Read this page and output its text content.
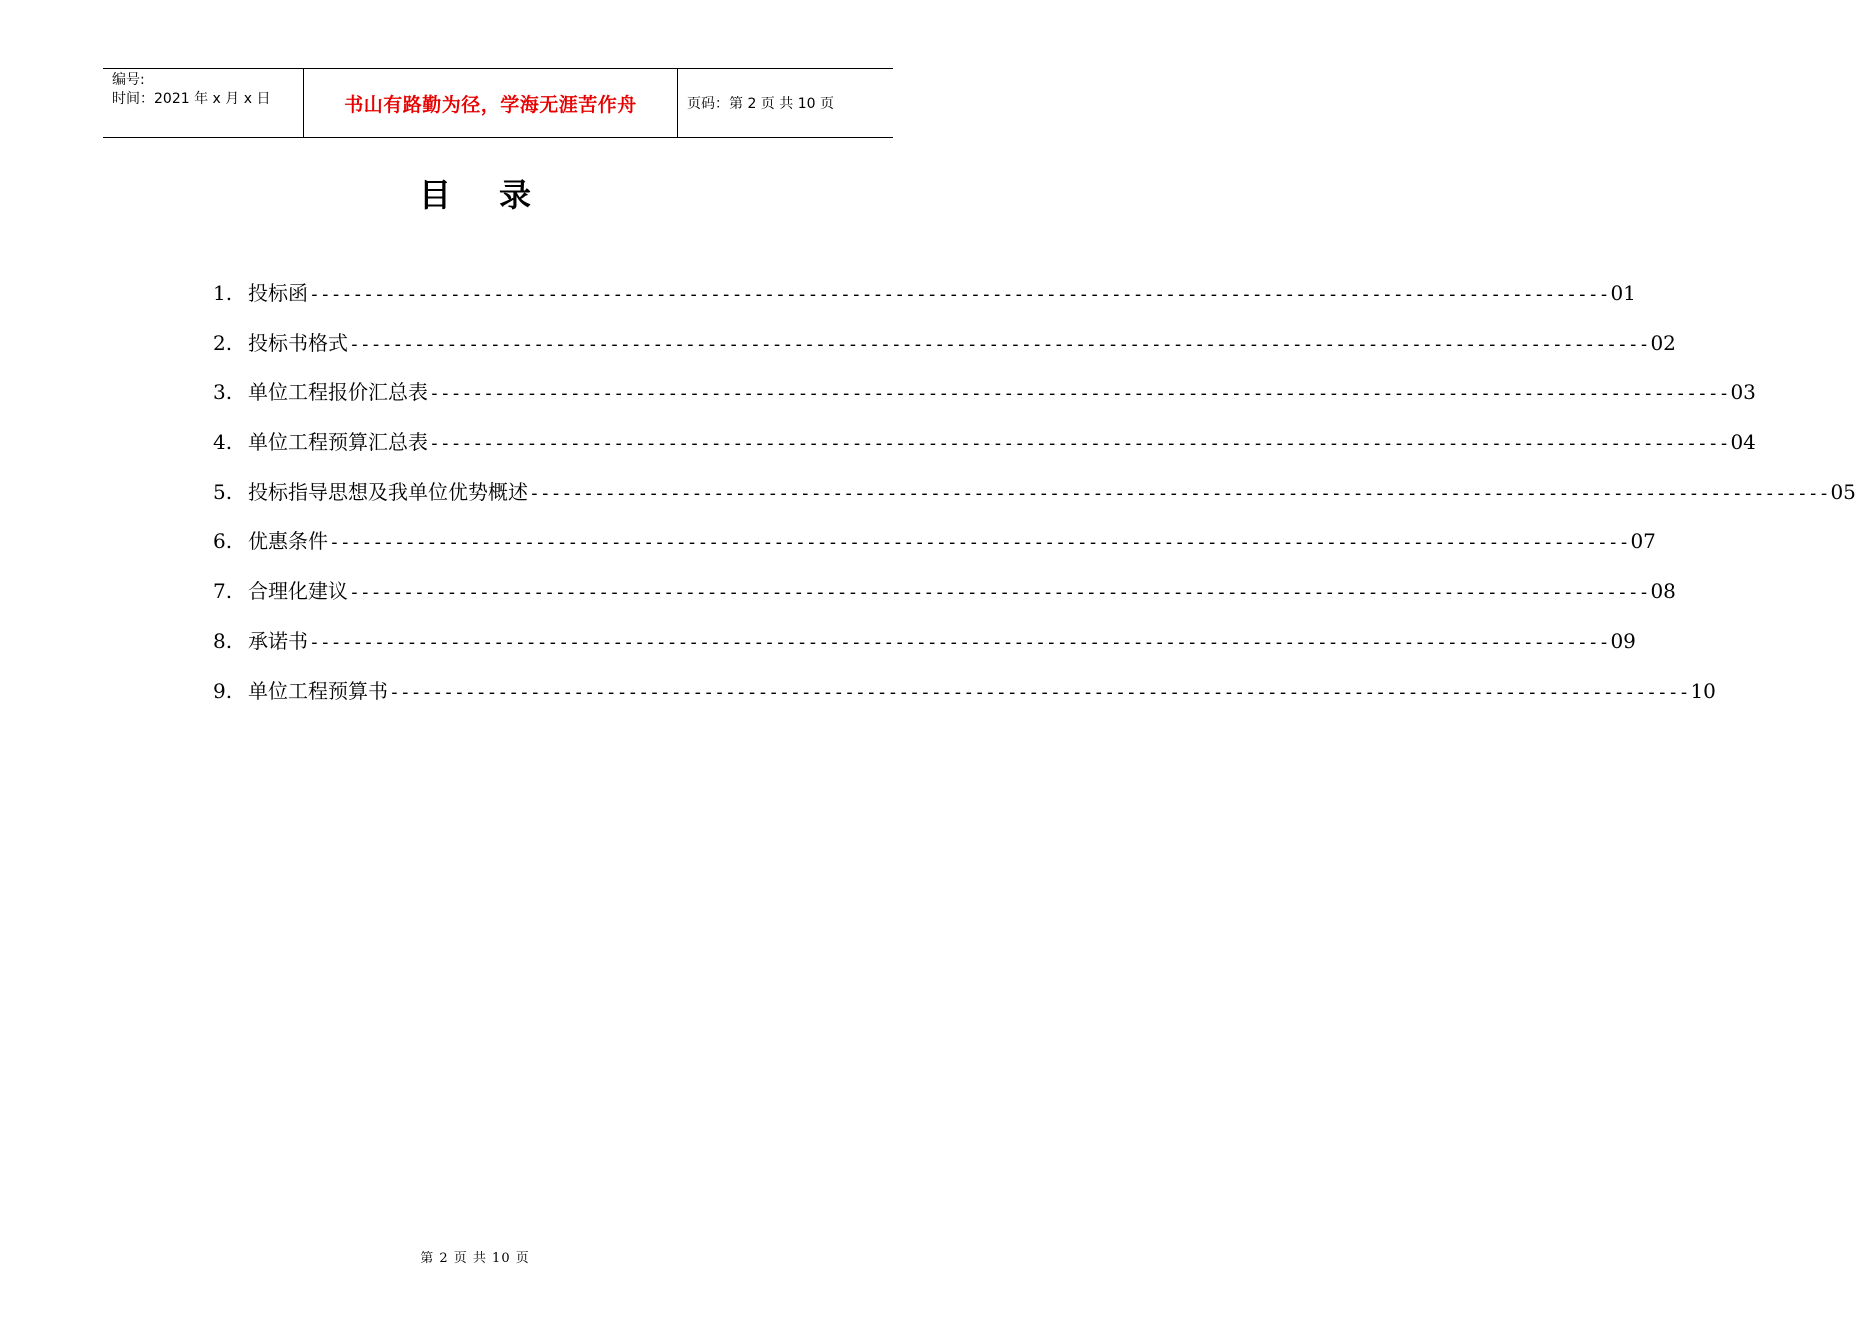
编号:
时间：2021 年 x 月 x 日	书山有路勤为径，学海无涯苦作舟	页码：第 2 页 共 10 页
目录
1. 投标函 ------------------------------------------------------------------------------------------------------------------------ 01
2. 投标书格式 ------------------------------------------------------------------------------------------------------------------------ 02
3. 单位工程报价汇总表 ------------------------------------------------------------------------------------------------------------------------ 03
4. 单位工程预算汇总表 ------------------------------------------------------------------------------------------------------------------------ 04
5. 投标指导思想及我单位优势概述 ------------------------------------------------------------------------------------------------------------------------ 05
6. 优惠条件 ------------------------------------------------------------------------------------------------------------------------ 07
7. 合理化建议 ------------------------------------------------------------------------------------------------------------------------ 08
8. 承诺书 ------------------------------------------------------------------------------------------------------------------------ 09
9. 单位工程预算书 ------------------------------------------------------------------------------------------------------------------------ 10
第 2 页 共 10 页
